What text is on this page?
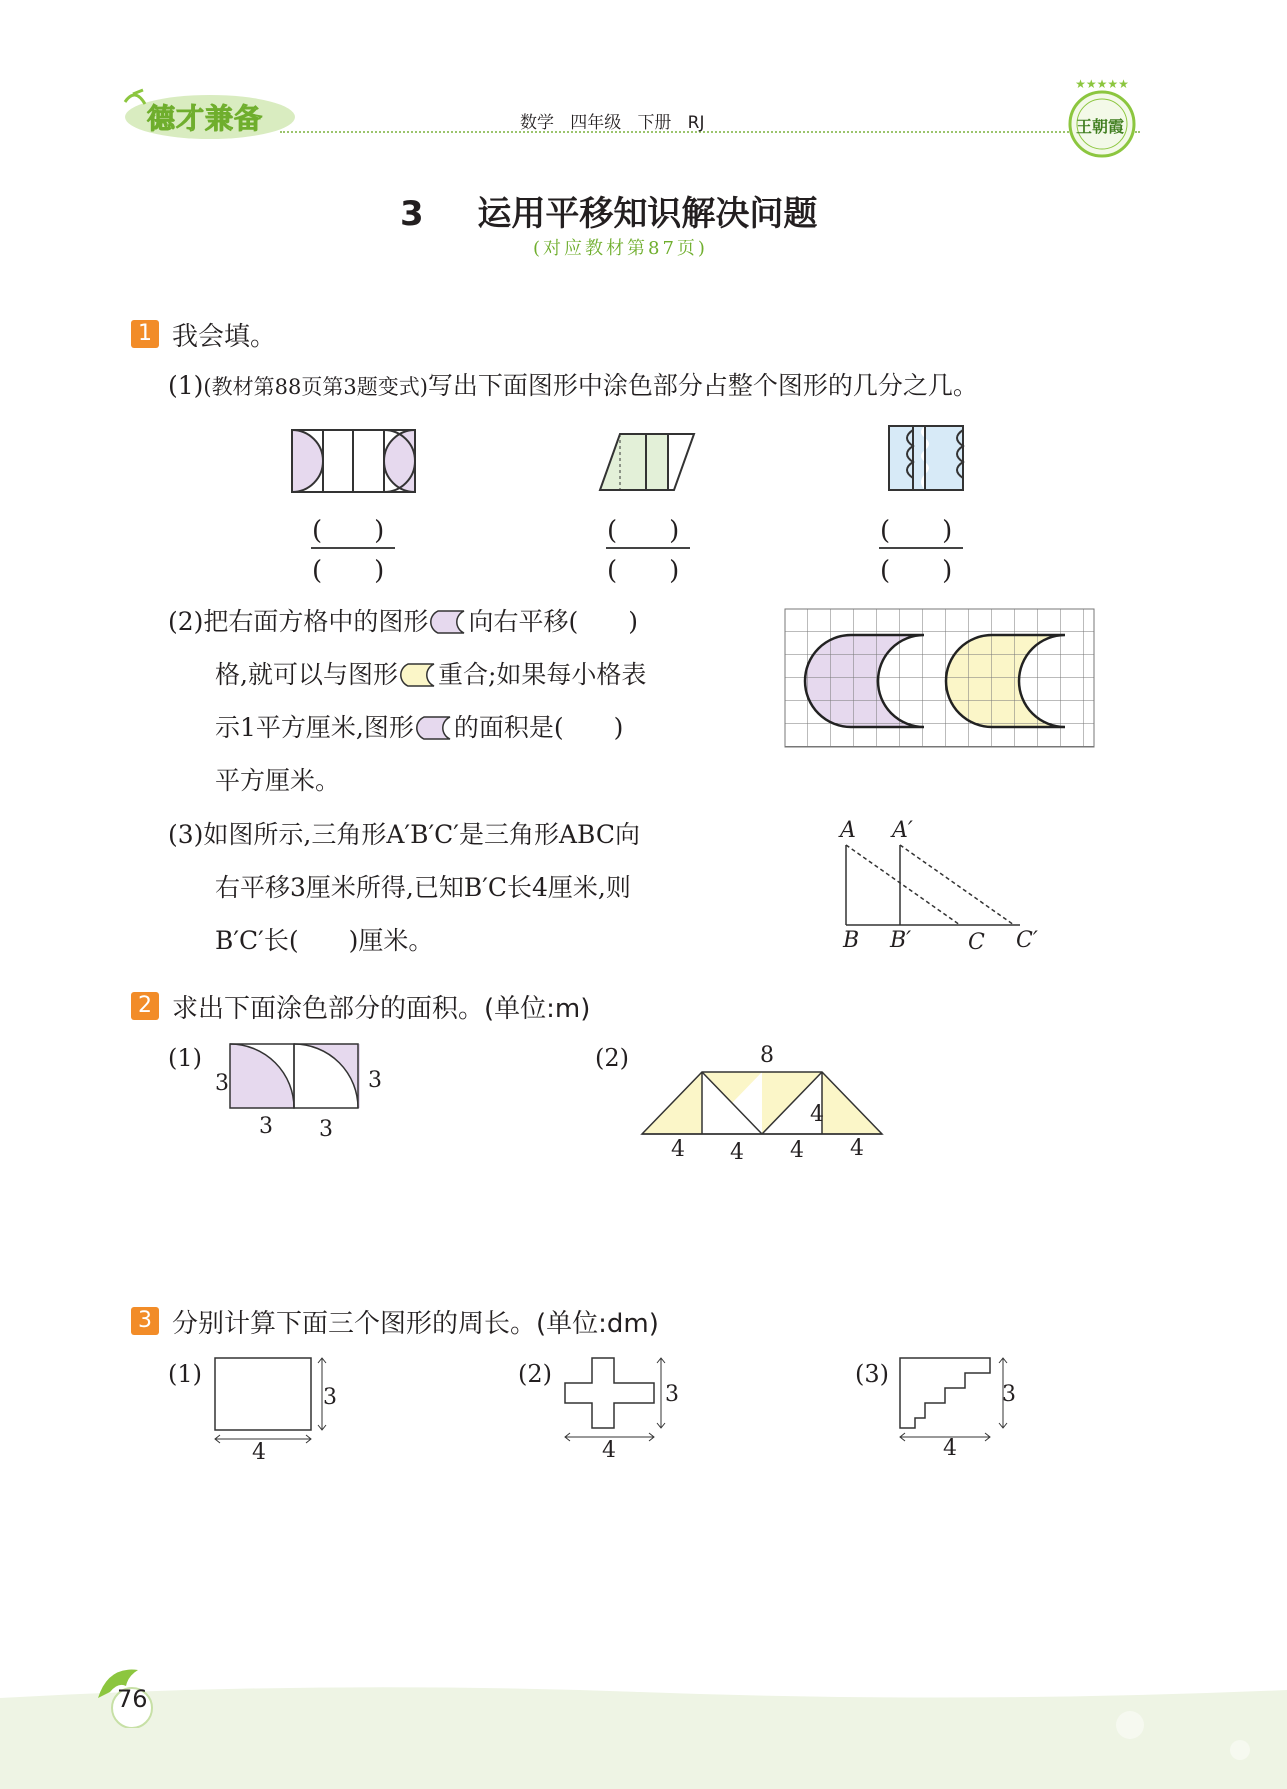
德才兼备	数学 四年级 下册 RJ
★★★★★
王朝霞
3 运用平移知识解决问题
(对应教材第87页)
1 我会填。
(1)(教材第88页第3题变式)写出下面图形中涂色部分占整个图形的几分之几。
(　　)
(　　)
(　　)
(　　)
(　　)
(　　)
(2)把右面方格中的图形 向右平移(　　)
格,就可以与图形 重合;如果每小格表
示1平方厘米,图形 的面积是(　　)
平方厘米。
(3)如图所示,三角形A′B′C′是三角形ABC向
右平移3厘米所得,已知B′C长4厘米,则
B′C′长(　　)厘米。
A A′
B B′	C C′
2 求出下面涂色部分的面积。(单位:m)
(1)
3	3
3 3
(2)	8
4
4 4 4 4
3 分别计算下面三个图形的周长。(单位:dm)
(1)
3
4
(2)
3
4
(3)
3
4
76
